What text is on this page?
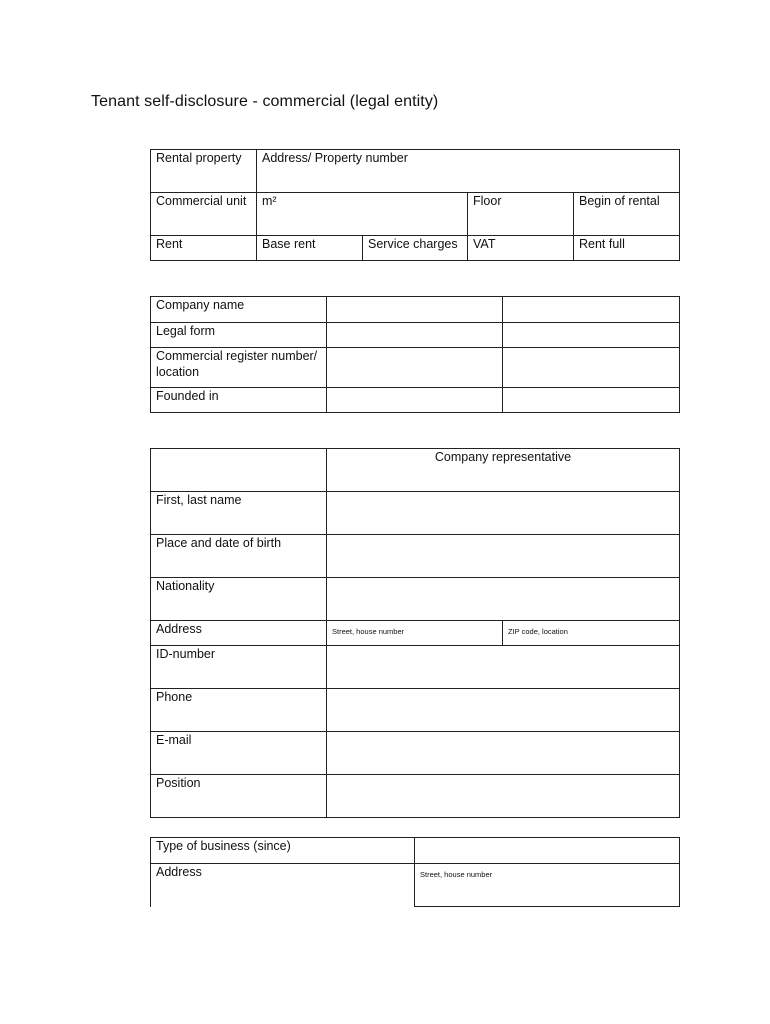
Tenant self-disclosure - commercial (legal entity)
Rental property	Address/ Property number			
Commercial unit	m²		Floor	Begin of rental
Rent	Base rent	Service charges	VAT	Rent full
Company name		
Legal form		
Commercial register number/ location		
Founded in		
	Company representative	
First, last name		
Place and date of birth		
Nationality		
Address	Street, house number	ZIP code, location
ID-number		
Phone		
E-mail		
Position		
Type of business (since)	
Address	Street, house number
